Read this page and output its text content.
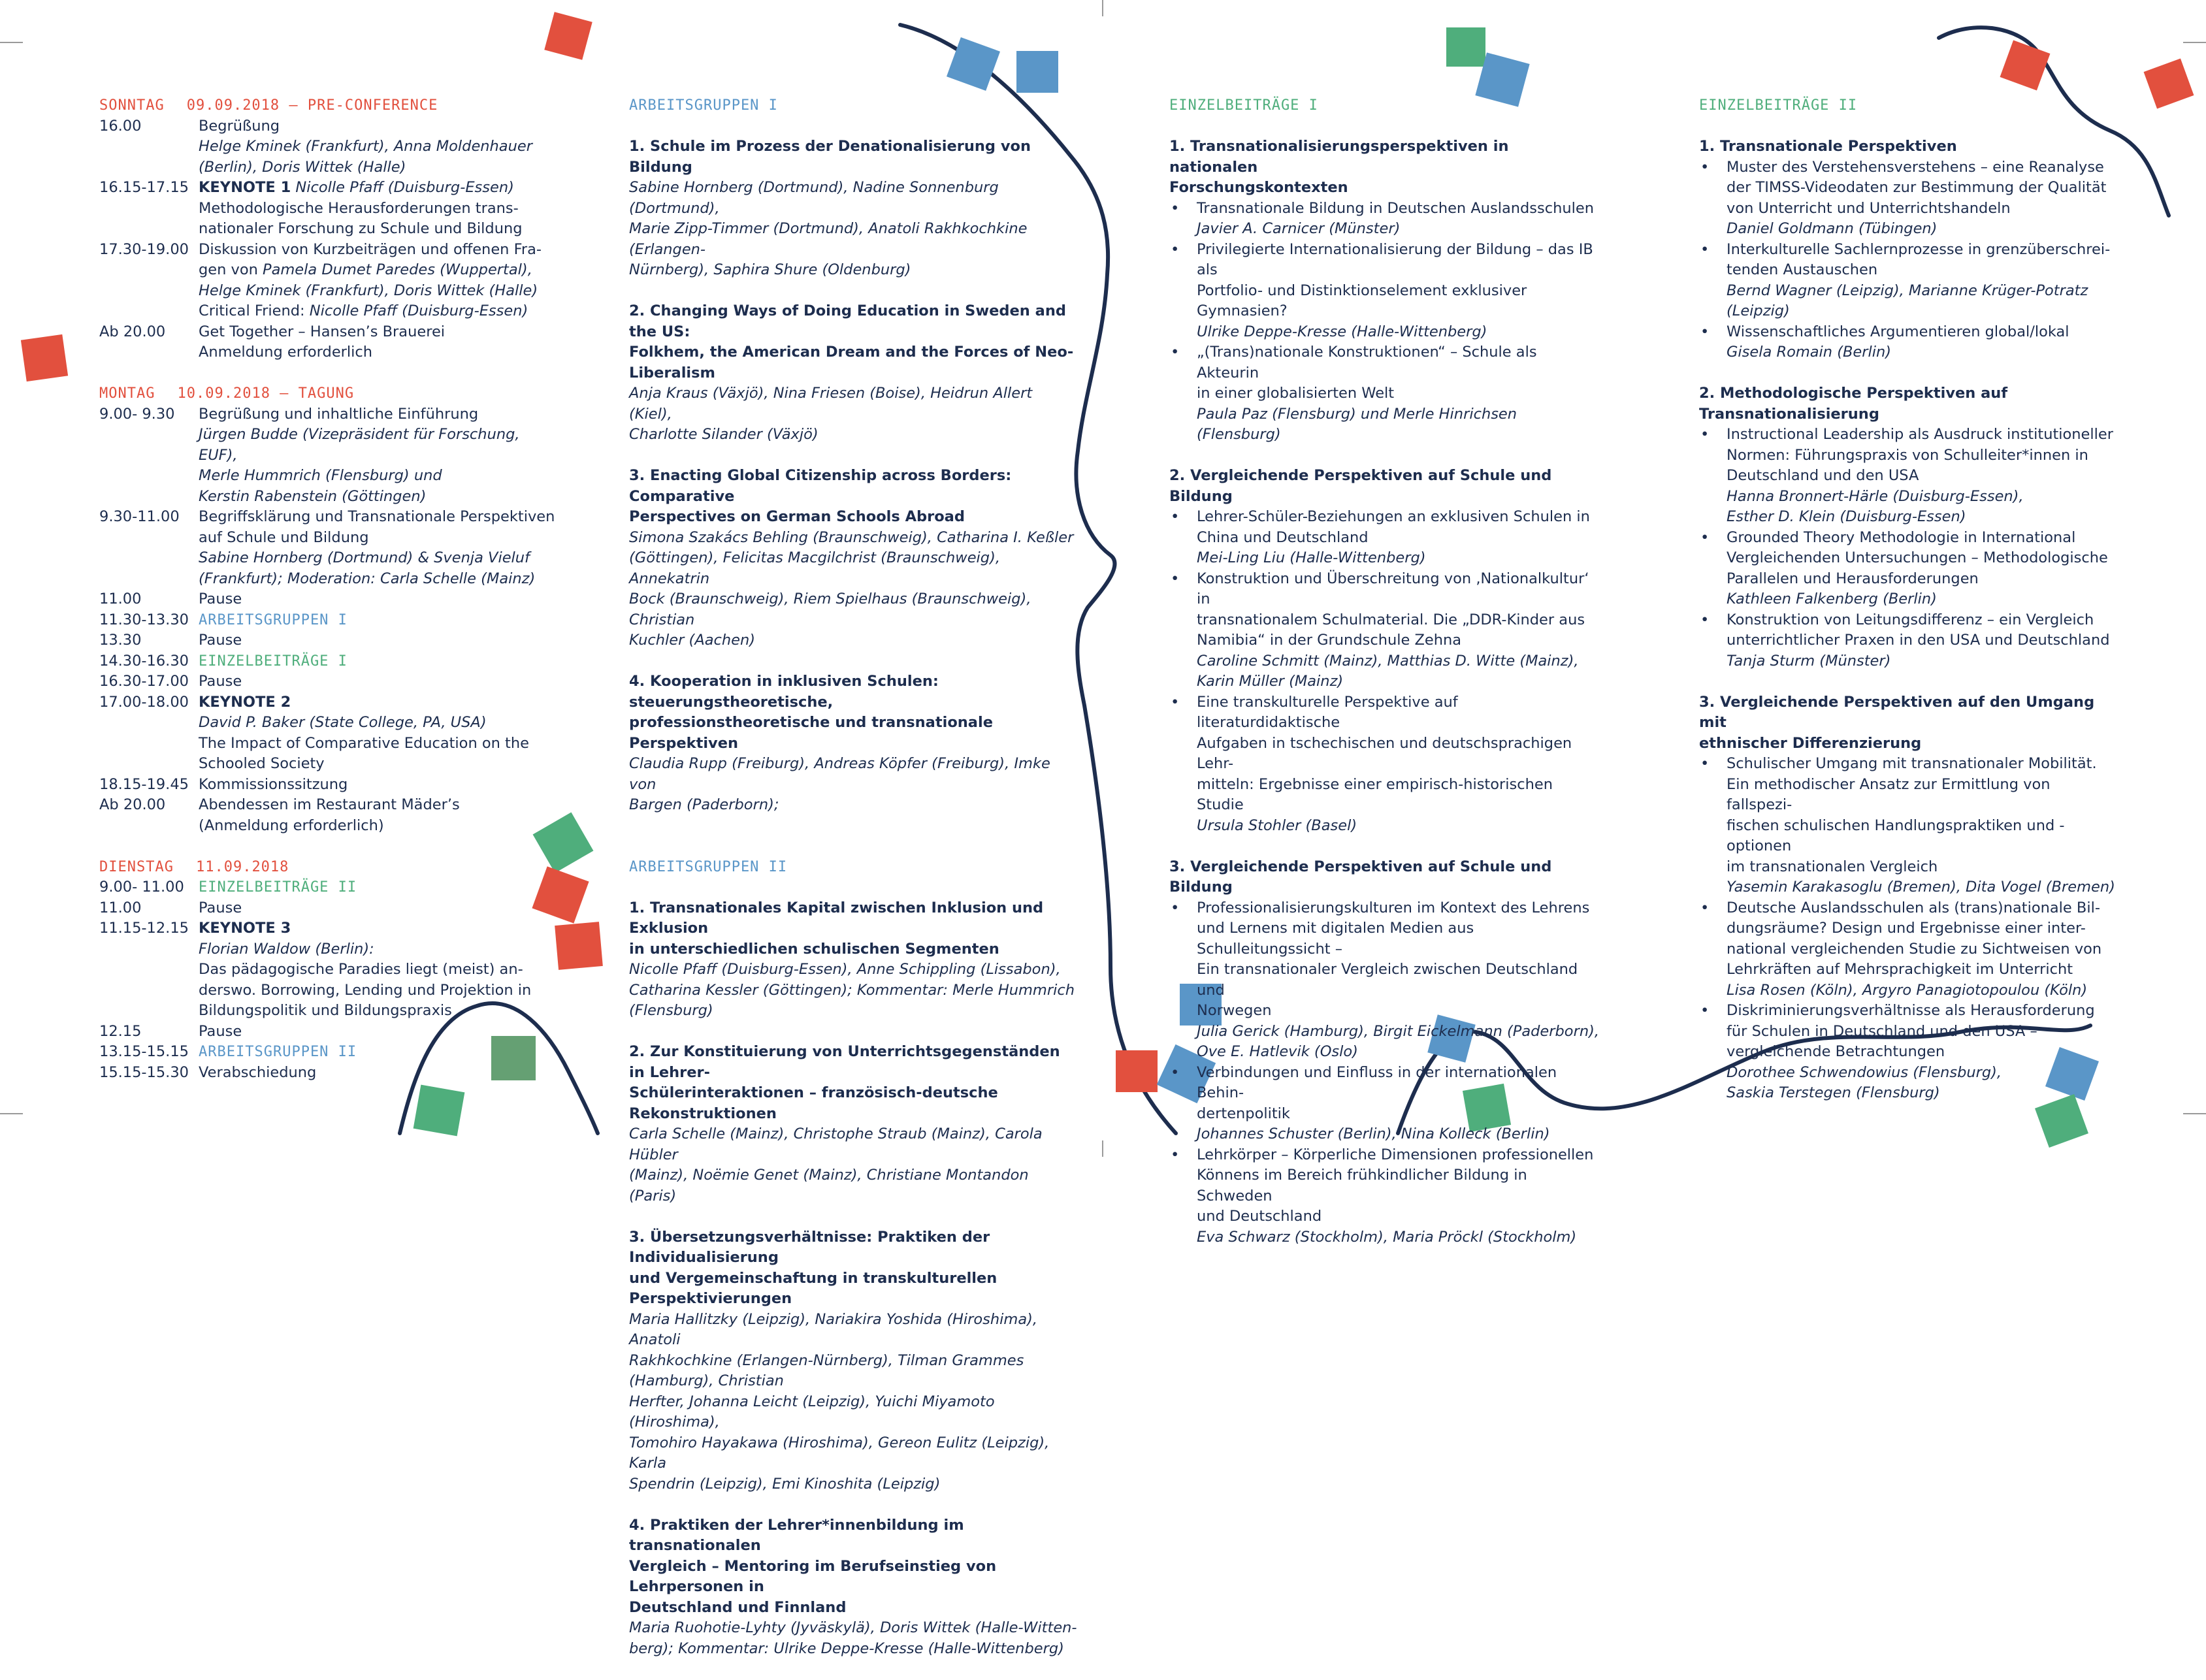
SONNTAG 09.09.2018 – PRE-CONFERENCE
16.00	Begrüßung
Helge Kminek (Frankfurt), Anna Moldenhauer
(Berlin), Doris Wittek (Halle)
16.15-17.15 KEYNOTE 1 Nicolle Pfaff (Duisburg-Essen)
Methodologische Herausforderungen trans-
nationaler Forschung zu Schule und Bildung
17.30-19.00 Diskussion von Kurzbeiträgen und offenen Fra-
gen von Pamela Dumet Paredes (Wuppertal),
Helge Kminek (Frankfurt), Doris Wittek (Halle)
Critical Friend: Nicolle Pfaff (Duisburg-Essen)
Ab 20.00	Get Together – Hansen’s Brauerei
Anmeldung erforderlich
MONTAG 10.09.2018 – TAGUNG
9.00- 9.30	Begrüßung und inhaltliche Einführung
Jürgen Budde (Vizepräsident für Forschung, EUF),
Merle Hummrich (Flensburg) und
Kerstin Rabenstein (Göttingen)
9.30-11.00	Begriffsklärung und Transnationale Perspektiven
auf Schule und Bildung
Sabine Hornberg (Dortmund) & Svenja Vieluf
(Frankfurt); Moderation: Carla Schelle (Mainz)
11.00	Pause
11.30-13.30 ARBEITSGRUPPEN I
13.30	Pause
14.30-16.30 EINZELBEITRÄGE I
16.30-17.00 Pause
17.00-18.00 KEYNOTE 2
David P. Baker (State College, PA, USA)
The Impact of Comparative Education on the
Schooled Society
18.15-19.45 Kommissionssitzung
Ab 20.00	Abendessen im Restaurant Mäder’s
(Anmeldung erforderlich)
DIENSTAG 11.09.2018
9.00- 11.00	EINZELBEITRÄGE II
11.00	Pause
11.15-12.15 KEYNOTE 3
Florian Waldow (Berlin):
Das pädagogische Paradies liegt (meist) an-
derswo. Borrowing, Lending und Projektion in
Bildungspolitik und Bildungspraxis
12.15	Pause
13.15-15.15 ARBEITSGRUPPEN II
15.15-15.30 Verabschiedung
ARBEITSGRUPPEN I
1. Schule im Prozess der Denationalisierung von Bildung
Sabine Hornberg (Dortmund), Nadine Sonnenburg (Dortmund),
Marie Zipp-Timmer (Dortmund), Anatoli Rakhkochkine (Erlangen-
Nürnberg), Saphira Shure (Oldenburg)
2. Changing Ways of Doing Education in Sweden and the US:
Folkhem, the American Dream and the Forces of Neo-Liberalism
Anja Kraus (Växjö), Nina Friesen (Boise), Heidrun Allert (Kiel),
Charlotte Silander (Växjö)
3. Enacting Global Citizenship across Borders: Comparative
Perspectives on German Schools Abroad
Simona Szakács Behling (Braunschweig), Catharina I. Keßler
(Göttingen), Felicitas Macgilchrist (Braunschweig), Annekatrin
Bock (Braunschweig), Riem Spielhaus (Braunschweig), Christian
Kuchler (Aachen)
4. Kooperation in inklusiven Schulen: steuerungstheoretische,
professionstheoretische und transnationale Perspektiven
Claudia Rupp (Freiburg), Andreas Köpfer (Freiburg), Imke von
Bargen (Paderborn);
ARBEITSGRUPPEN II
1. Transnationales Kapital zwischen Inklusion und Exklusion
in unterschiedlichen schulischen Segmenten
Nicolle Pfaff (Duisburg-Essen), Anne Schippling (Lissabon),
Catharina Kessler (Göttingen); Kommentar: Merle Hummrich
(Flensburg)
2. Zur Konstituierung von Unterrichtsgegenständen in Lehrer-
Schülerinteraktionen – französisch-deutsche Rekonstruktionen
Carla Schelle (Mainz), Christophe Straub (Mainz), Carola Hübler
(Mainz), Noëmie Genet (Mainz), Christiane Montandon (Paris)
3. Übersetzungsverhältnisse: Praktiken der Individualisierung
und Vergemeinschaftung in transkulturellen Perspektivierungen
Maria Hallitzky (Leipzig), Nariakira Yoshida (Hiroshima), Anatoli
Rakhkochkine (Erlangen-Nürnberg), Tilman Grammes (Hamburg), Christian
Herfter, Johanna Leicht (Leipzig), Yuichi Miyamoto (Hiroshima),
Tomohiro Hayakawa (Hiroshima), Gereon Eulitz (Leipzig), Karla
Spendrin (Leipzig), Emi Kinoshita (Leipzig)
4. Praktiken der Lehrer*innenbildung im transnationalen
Vergleich – Mentoring im Berufseinstieg von Lehrpersonen in
Deutschland und Finnland
Maria Ruohotie-Lyhty (Jyväskylä), Doris Wittek (Halle-Witten-
berg); Kommentar: Ulrike Deppe-Kresse (Halle-Wittenberg)
EINZELBEITRÄGE I
1. Transnationalisierungsperspektiven in nationalen
Forschungskontexten
• Transnationale Bildung in Deutschen Auslandsschulen
Javier A. Carnicer (Münster)
• Privilegierte Internationalisierung der Bildung – das IB als
Portfolio- und Distinktionselement exklusiver Gymnasien?
Ulrike Deppe-Kresse (Halle-Wittenberg)
• „(Trans)nationale Konstruktionen“ – Schule als Akteurin
in einer globalisierten Welt
Paula Paz (Flensburg) und Merle Hinrichsen (Flensburg)
2. Vergleichende Perspektiven auf Schule und Bildung
• Lehrer-Schüler-Beziehungen an exklusiven Schulen in
China und Deutschland
Mei-Ling Liu (Halle-Wittenberg)
• Konstruktion und Überschreitung von ‚Nationalkultur‘ in
transnationalem Schulmaterial. Die „DDR-Kinder aus
Namibia“ in der Grundschule Zehna
Caroline Schmitt (Mainz), Matthias D. Witte (Mainz),
Karin Müller (Mainz)
• Eine transkulturelle Perspektive auf literaturdidaktische
Aufgaben in tschechischen und deutschsprachigen Lehr-
mitteln: Ergebnisse einer empirisch-historischen Studie
Ursula Stohler (Basel)
3. Vergleichende Perspektiven auf Schule und Bildung
• Professionalisierungskulturen im Kontext des Lehrens
und Lernens mit digitalen Medien aus Schulleitungssicht –
Ein transnationaler Vergleich zwischen Deutschland und
Norwegen
Julia Gerick (Hamburg), Birgit Eickelmann (Paderborn),
Ove E. Hatlevik (Oslo)
• Verbindungen und Einfluss in der internationalen Behin-
dertenpolitik
Johannes Schuster (Berlin), Nina Kolleck (Berlin)
• Lehrkörper – Körperliche Dimensionen professionellen
Könnens im Bereich frühkindlicher Bildung in Schweden
und Deutschland
Eva Schwarz (Stockholm), Maria Pröckl (Stockholm)
EINZELBEITRÄGE II
1. Transnationale Perspektiven
• Muster des Verstehensverstehens – eine Reanalyse
der TIMSS-Videodaten zur Bestimmung der Qualität
von Unterricht und Unterrichtshandeln
Daniel Goldmann (Tübingen)
• Interkulturelle Sachlernprozesse in grenzüberschrei-
tenden Austauschen
Bernd Wagner (Leipzig), Marianne Krüger-Potratz (Leipzig)
• Wissenschaftliches Argumentieren global/lokal
Gisela Romain (Berlin)
2. Methodologische Perspektiven auf
Transnationalisierung
• Instructional Leadership als Ausdruck institutioneller
Normen: Führungspraxis von Schulleiter*innen in
Deutschland und den USA
Hanna Bronnert-Härle (Duisburg-Essen),
Esther D. Klein (Duisburg-Essen)
• Grounded Theory Methodologie in International
Vergleichenden Untersuchungen – Methodologische
Parallelen und Herausforderungen
Kathleen Falkenberg (Berlin)
• Konstruktion von Leitungsdifferenz – ein Vergleich
unterrichtlicher Praxen in den USA und Deutschland
Tanja Sturm (Münster)
3. Vergleichende Perspektiven auf den Umgang mit
ethnischer Differenzierung
• Schulischer Umgang mit transnationaler Mobilität.
Ein methodischer Ansatz zur Ermittlung von fallspezi-
fischen schulischen Handlungspraktiken und -optionen
im transnationalen Vergleich
Yasemin Karakasoglu (Bremen), Dita Vogel (Bremen)
• Deutsche Auslandsschulen als (trans)nationale Bil-
dungsräume? Design und Ergebnisse einer inter-
national vergleichenden Studie zu Sichtweisen von
Lehrkräften auf Mehrsprachigkeit im Unterricht
Lisa Rosen (Köln), Argyro Panagiotopoulou (Köln)
• Diskriminierungsverhältnisse als Herausforderung
für Schulen in Deutschland und den USA –
vergleichende Betrachtungen
Dorothee Schwendowius (Flensburg),
Saskia Terstegen (Flensburg)
